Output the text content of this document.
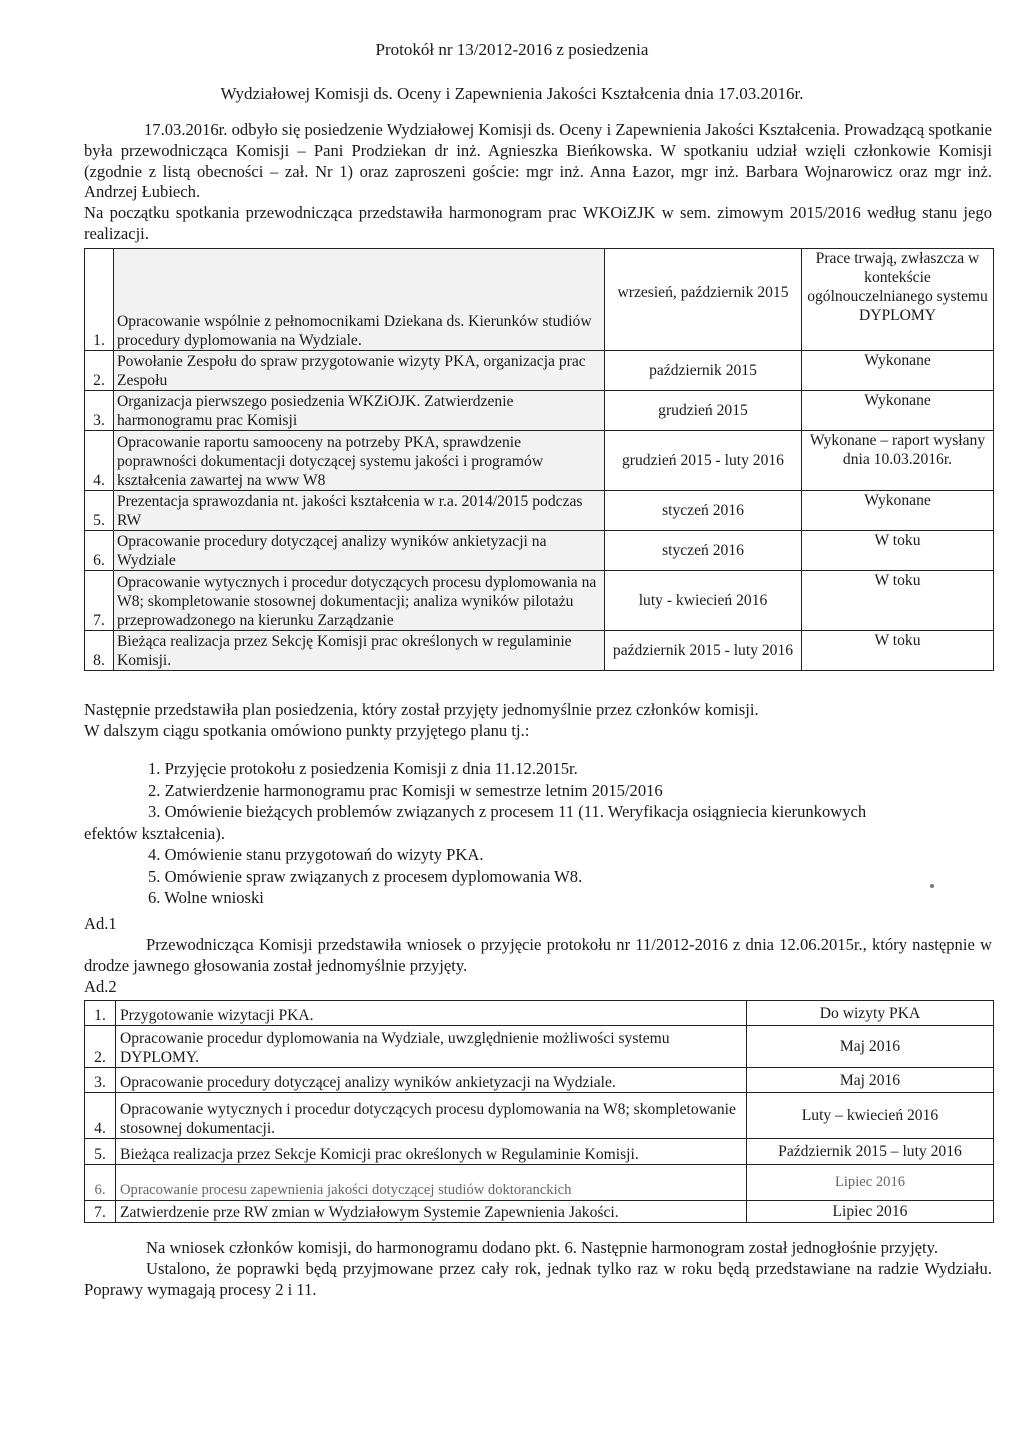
Protokół nr 13/2012-2016 z posiedzenia
Wydziałowej Komisji ds. Oceny i Zapewnienia Jakości Kształcenia dnia 17.03.2016r.

17.03.2016r. odbyło się posiedzenie Wydziałowej Komisji ds. Oceny i Zapewnienia Jakości Kształcenia. Prowadzącą spotkanie była przewodnicząca Komisji – Pani Prodziekan dr inż. Agnieszka Bieńkowska. W spotkaniu udział wzięli członkowie Komisji (zgodnie z listą obecności – zał. Nr 1) oraz zaproszeni goście: mgr inż. Anna Łazor, mgr inż. Barbara Wojnarowicz oraz mgr inż. Andrzej Łubiech.

Na początku spotkania przewodnicząca przedstawiła harmonogram prac WKOiZJK w sem. zimowym 2015/2016 według stanu jego realizacji.

1.	Opracowanie wspólnie z pełnomocnikami Dziekana ds. Kierunków studiów procedury dyplomowania na Wydziale.	wrzesień, październik 2015	Prace trwają, zwłaszcza w kontekście ogólnouczelnianego systemu DYPLOMY
2.	Powołanie Zespołu do spraw przygotowanie wizyty PKA, organizacja prac Zespołu	październik 2015	Wykonane
3.	Organizacja pierwszego posiedzenia WKZiOJK. Zatwierdzenie harmonogramu prac Komisji	grudzień 2015	Wykonane
4.	Opracowanie raportu samooceny na potrzeby PKA, sprawdzenie poprawności dokumentacji dotyczącej systemu jakości i programów kształcenia zawartej na www W8	grudzień 2015 - luty 2016	Wykonane – raport wysłany dnia 10.03.2016r.
5.	Prezentacja sprawozdania nt. jakości kształcenia w r.a. 2014/2015 podczas RW	styczeń 2016	Wykonane
6.	Opracowanie procedury dotyczącej analizy wyników ankietyzacji na Wydziale	styczeń 2016	W toku
7.	Opracowanie wytycznych i procedur dotyczących procesu dyplomowania na W8; skompletowanie stosownej dokumentacji; analiza wyników pilotażu przeprowadzonego na kierunku Zarządzanie	luty - kwiecień 2016	W toku
8.	Bieżąca realizacja przez Sekcję Komisji prac określonych w regulaminie Komisji.	październik 2015 - luty 2016	W toku

Następnie przedstawiła plan posiedzenia, który został przyjęty jednomyślnie przez członków komisji.

W dalszym ciągu spotkania omówiono punkty przyjętego planu tj.:

1. Przyjęcie protokołu z posiedzenia Komisji z dnia 11.12.2015r.
2. Zatwierdzenie harmonogramu prac Komisji w semestrze letnim 2015/2016
3. Omówienie bieżących problemów związanych z procesem 11 (11. Weryfikacja osiągniecia kierunkowych
efektów kształcenia).
4. Omówienie stanu przygotowań do wizyty PKA.
5. Omówienie spraw związanych z procesem dyplomowania W8.
6. Wolne wnioski

Ad.1

Przewodnicząca Komisji przedstawiła wniosek o przyjęcie protokołu nr 11/2012-2016 z dnia 12.06.2015r., który następnie w drodze jawnego głosowania został jednomyślnie przyjęty.

Ad.2

1.	Przygotowanie wizytacji PKA.	Do wizyty PKA
2.	Opracowanie procedur dyplomowania na Wydziale, uwzględnienie możliwości systemu DYPLOMY.	Maj 2016
3.	Opracowanie procedury dotyczącej analizy wyników ankietyzacji na Wydziale.	Maj 2016
4.	Opracowanie wytycznych i procedur dotyczących procesu dyplomowania na W8; skompletowanie stosownej dokumentacji.	Luty – kwiecień 2016
5.	Bieżąca realizacja przez Sekcje Komicji prac określonych w Regulaminie Komisji.	Październik 2015 – luty 2016
6.	Opracowanie procesu zapewnienia jakości dotyczącej studiów doktoranckich	Lipiec 2016
7.	Zatwierdzenie prze RW zmian w Wydziałowym Systemie Zapewnienia Jakości.	Lipiec 2016

Na wniosek członków komisji, do harmonogramu dodano pkt. 6. Następnie harmonogram został jednogłośnie przyjęty.

Ustalono, że poprawki będą przyjmowane przez cały rok, jednak tylko raz w roku będą przedstawiane na radzie Wydziału. Poprawy wymagają procesy 2 i 11.
